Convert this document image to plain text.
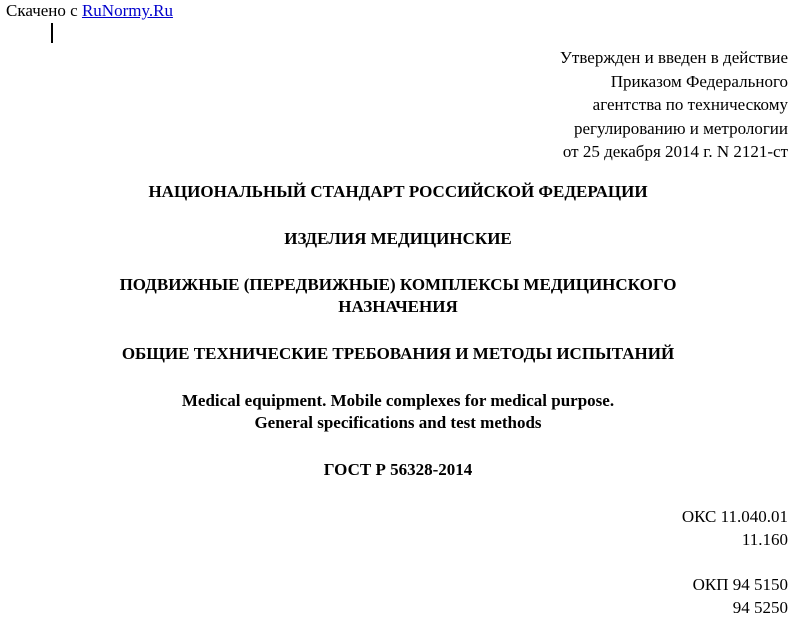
Скачено с RuNormy.Ru
Утвержден и введен в действие
Приказом Федерального
агентства по техническому
регулированию и метрологии
от 25 декабря 2014 г. N 2121-ст
НАЦИОНАЛЬНЫЙ СТАНДАРТ РОССИЙСКОЙ ФЕДЕРАЦИИ
ИЗДЕЛИЯ МЕДИЦИНСКИЕ
ПОДВИЖНЫЕ (ПЕРЕДВИЖНЫЕ) КОМПЛЕКСЫ МЕДИЦИНСКОГО
НАЗНАЧЕНИЯ
ОБЩИЕ ТЕХНИЧЕСКИЕ ТРЕБОВАНИЯ И МЕТОДЫ ИСПЫТАНИЙ
Medical equipment. Mobile complexes for medical purpose.
General specifications and test methods
ГОСТ Р 56328-2014
ОКС 11.040.01
11.160
ОКП 94 5150
94 5250
